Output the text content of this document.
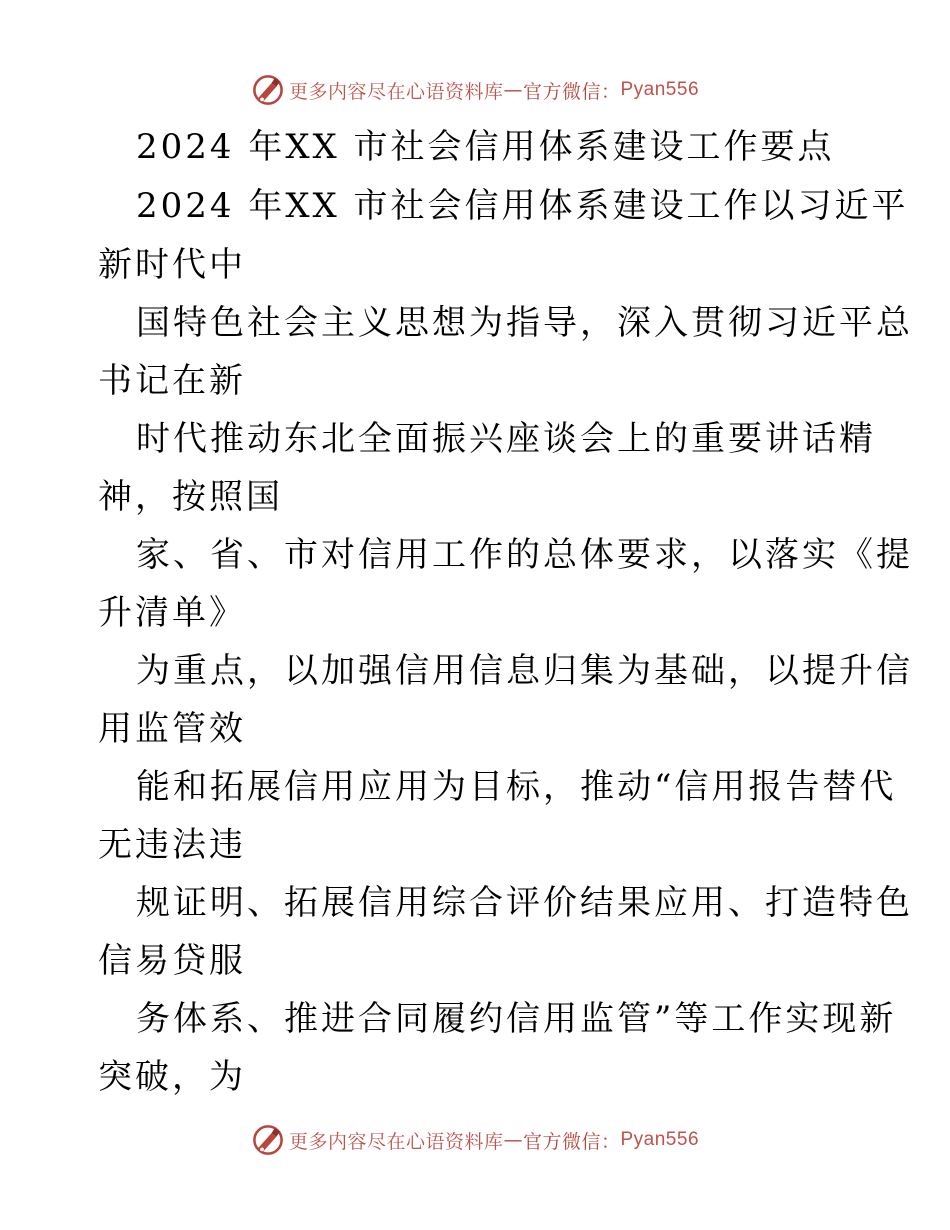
更多内容尽在心语资料库 — 官方微信： Pyan556
2024 年XX 市社会信用体系建设工作要点
2024 年XX 市社会信用体系建设工作以习近平
新时代中
国特色社会主义思想为指导，深入贯彻习近平总
书记在新
时代推动东北全面振兴座谈会上的重要讲话精
神，按照国
家、省、市对信用工作的总体要求，以落实《提
升清单》
为重点，以加强信用信息归集为基础，以提升信
用监管效
能和拓展信用应用为目标，推动“信用报告替代
无违法违
规证明、拓展信用综合评价结果应用、打造特色
信易贷服
务体系、推进合同履约信用监管”等工作实现新
突破，为
更多内容尽在心语资料库 — 官方微信： Pyan556
